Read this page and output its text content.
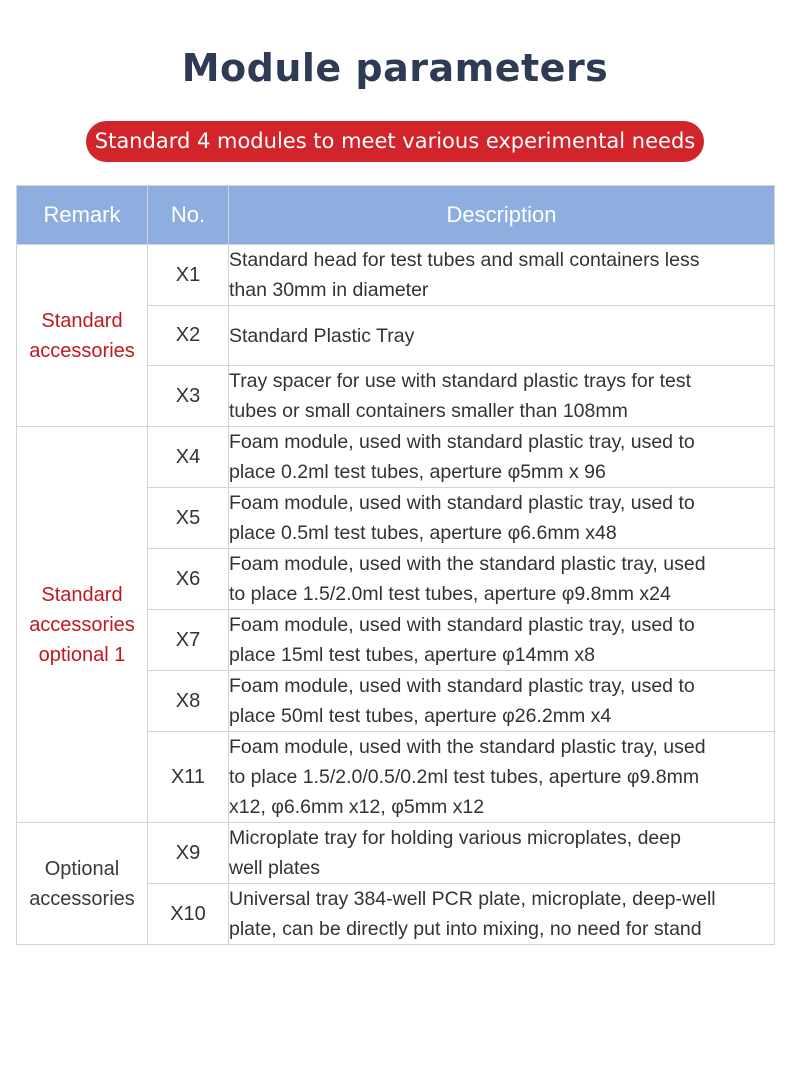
Module parameters
Standard 4 modules to meet various experimental needs
Remark	No.	Description

Standard
accessories	X1	Standard head for test tubes and small containers less
than 30mm in diameter

	X2	Standard Plastic Tray

	X3	Tray spacer for use with standard plastic trays for test
tubes or small containers smaller than 108mm

Standard
accessories
optional 1	X4	Foam module, used with standard plastic tray, used to
place 0.2ml test tubes, aperture φ5mm x 96

	X5	Foam module, used with standard plastic tray, used to
place 0.5ml test tubes, aperture φ6.6mm x48

	X6	Foam module, used with the standard plastic tray, used
to place 1.5/2.0ml test tubes, aperture φ9.8mm x24

	X7	Foam module, used with standard plastic tray, used to
place 15ml test tubes, aperture φ14mm x8

	X8	Foam module, used with standard plastic tray, used to
place 50ml test tubes, aperture φ26.2mm x4

	X11	Foam module, used with the standard plastic tray, used
to place 1.5/2.0/0.5/0.2ml test tubes, aperture φ9.8mm
x12, φ6.6mm x12, φ5mm x12

Optional
accessories	X9	Microplate tray for holding various microplates, deep
well plates

	X10	Universal tray 384-well PCR plate, microplate, deep-well
plate, can be directly put into mixing, no need for stand
